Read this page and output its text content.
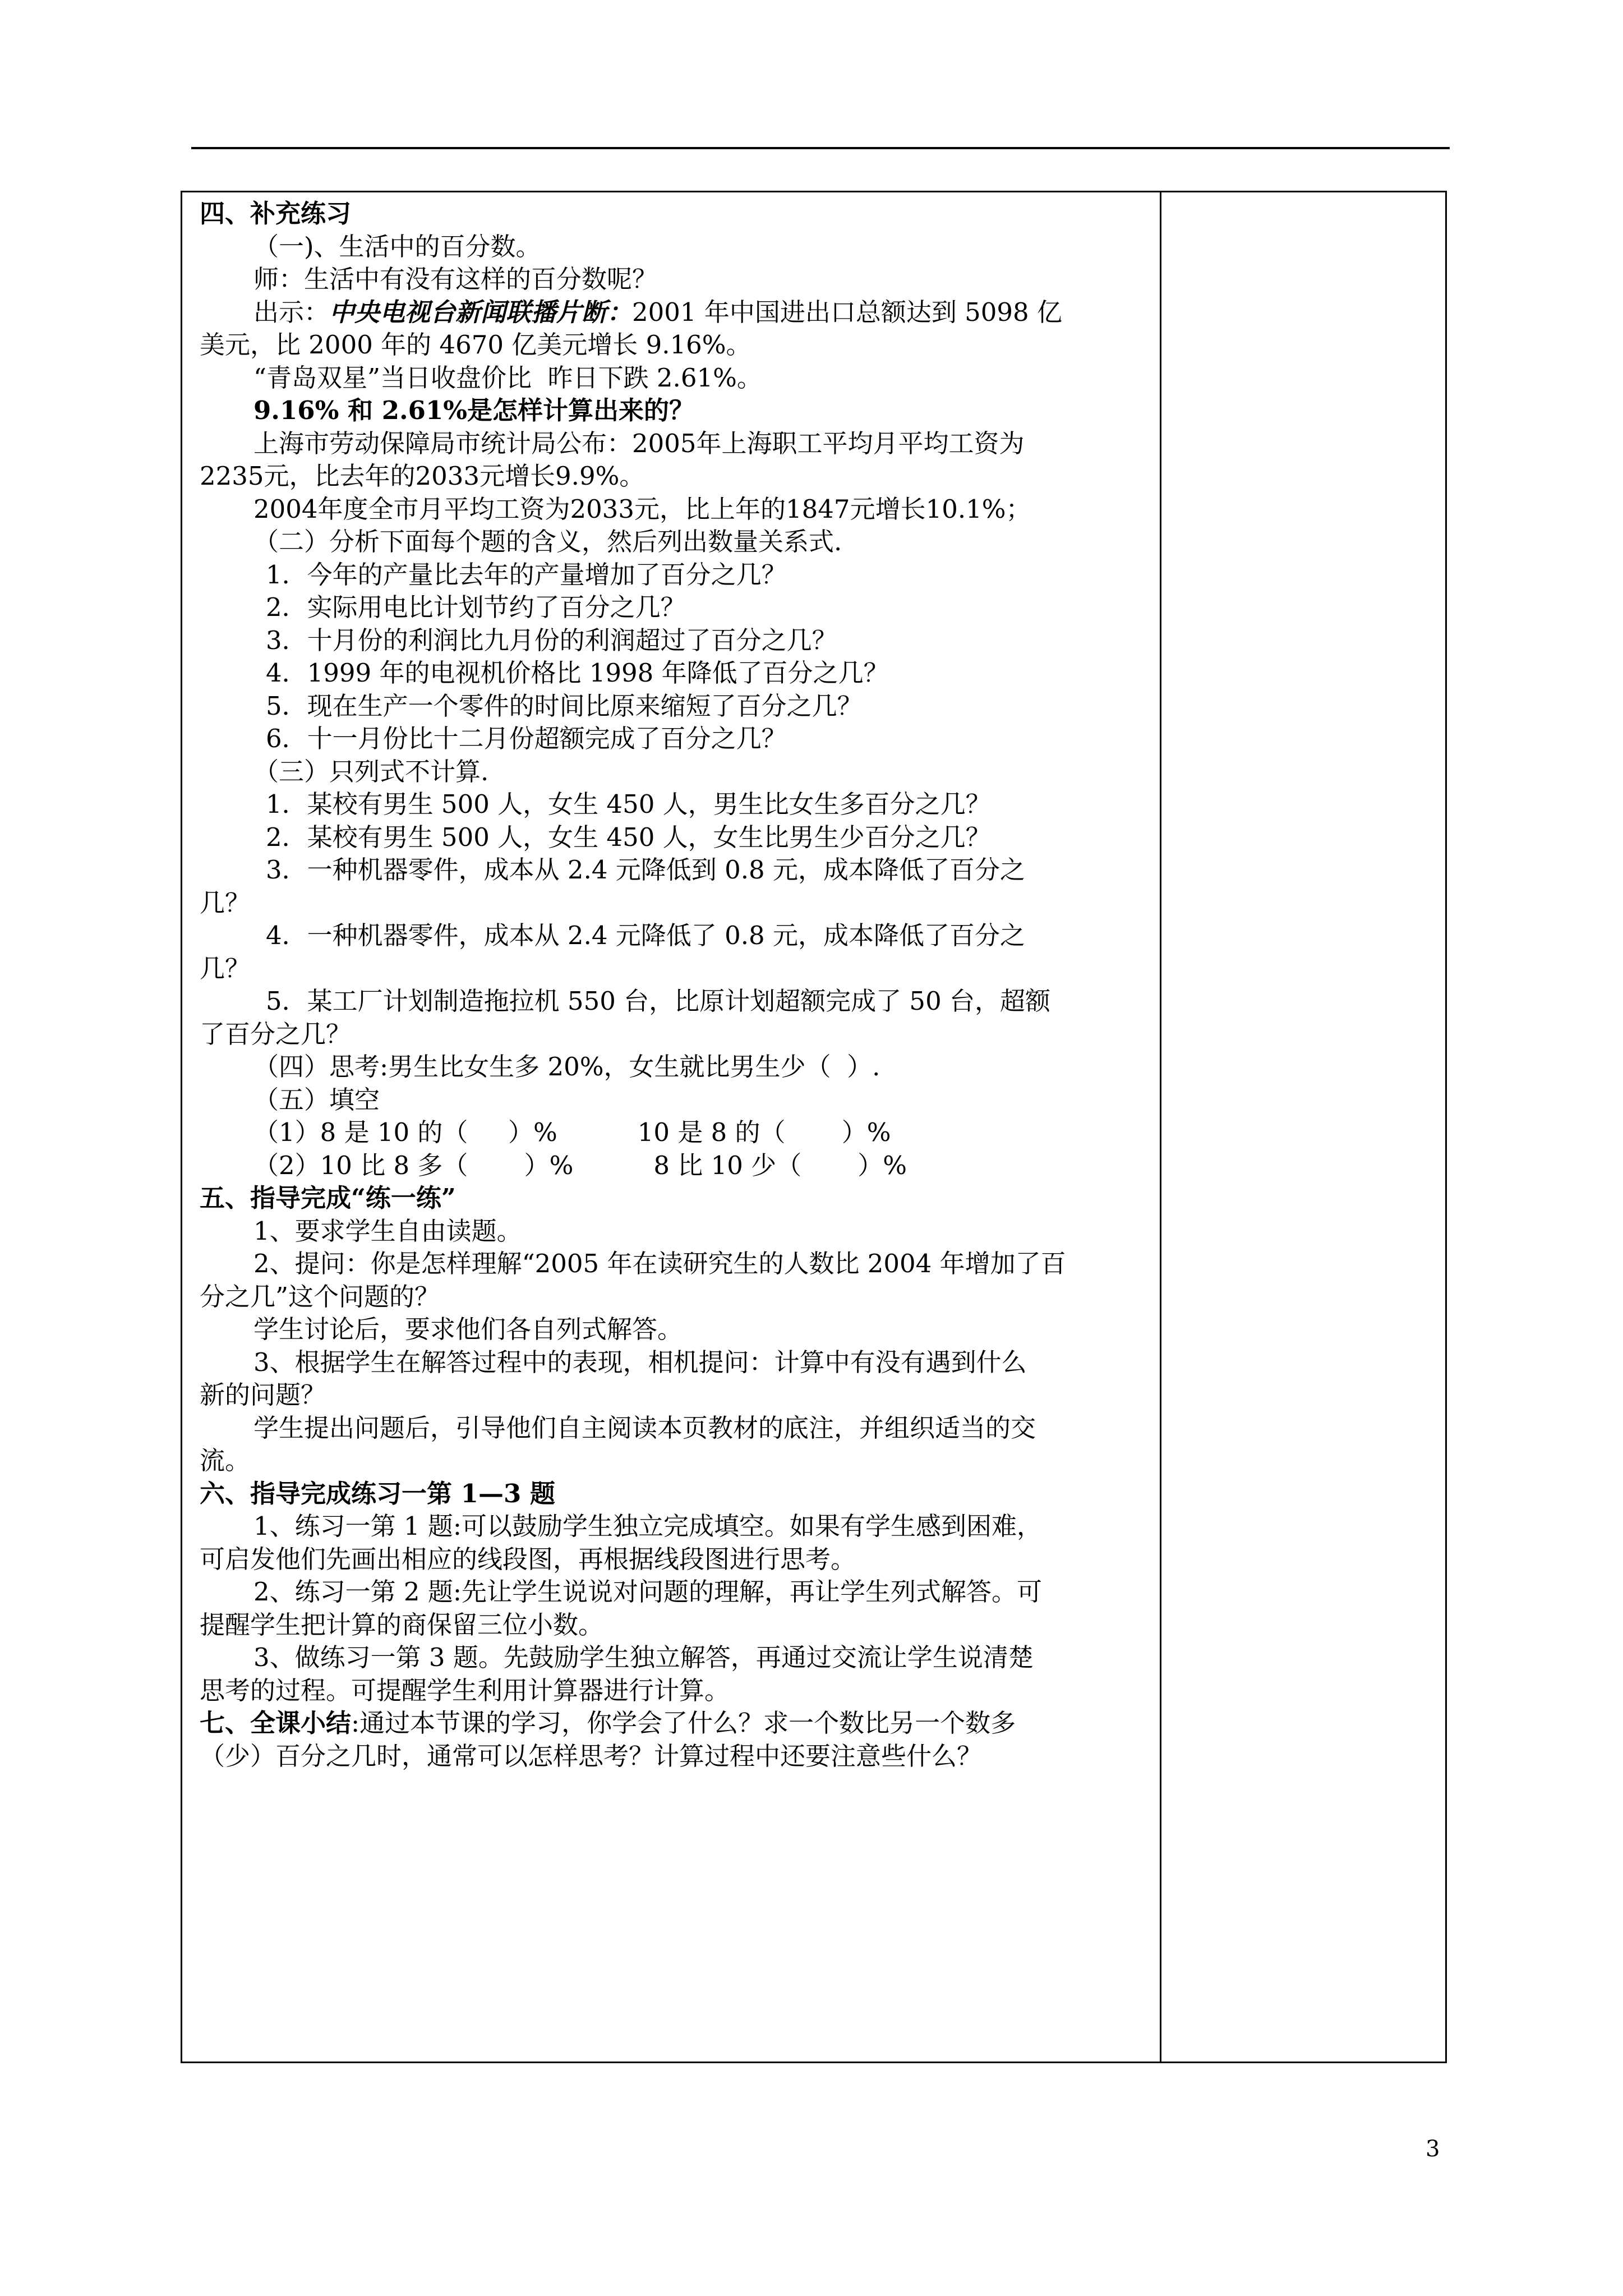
四、补充练习
（一)、生活中的百分数。
师：生活中有没有这样的百分数呢？
出示：中央电视台新闻联播片断：2001 年中国进出口总额达到 5098 亿
美元，比 2000 年的 4670 亿美元增长 9.16%。
“青岛双星”当日收盘价比  昨日下跌 2.61%。
9.16% 和 2.61%是怎样计算出来的？
上海市劳动保障局市统计局公布：2005年上海职工平均月平均工资为
2235元，比去年的2033元增长9.9%。
2004年度全市月平均工资为2033元，比上年的1847元增长10.1%；
（二）分析下面每个题的含义，然后列出数量关系式.
1．今年的产量比去年的产量增加了百分之几？
2．实际用电比计划节约了百分之几？
3．十月份的利润比九月份的利润超过了百分之几？
4．1999 年的电视机价格比 1998 年降低了百分之几？
5．现在生产一个零件的时间比原来缩短了百分之几？
6．十一月份比十二月份超额完成了百分之几？
（三）只列式不计算.
1．某校有男生 500 人，女生 450 人，男生比女生多百分之几？
2．某校有男生 500 人，女生 450 人，女生比男生少百分之几？
3．一种机器零件，成本从 2.4 元降低到 0.8 元，成本降低了百分之
几？
4．一种机器零件，成本从 2.4 元降低了 0.8 元，成本降低了百分之
几？
5．某工厂计划制造拖拉机 550 台，比原计划超额完成了 50 台，超额
了百分之几？
（四）思考:男生比女生多 20%，女生就比男生少（  ）.
（五）填空
（1）8 是 10 的（     ）%          10 是 8 的（       ）%
（2）10 比 8 多（       ）%          8 比 10 少（       ）%
五、指导完成“练一练”
1、要求学生自由读题。
2、提问：你是怎样理解“2005 年在读研究生的人数比 2004 年增加了百
分之几”这个问题的？
学生讨论后，要求他们各自列式解答。
3、根据学生在解答过程中的表现，相机提问：计算中有没有遇到什么
新的问题？
学生提出问题后，引导他们自主阅读本页教材的底注，并组织适当的交
流。
六、指导完成练习一第 1—3 题
1、练习一第 1 题:可以鼓励学生独立完成填空。如果有学生感到困难，
可启发他们先画出相应的线段图，再根据线段图进行思考。
2、练习一第 2 题:先让学生说说对问题的理解，再让学生列式解答。可
提醒学生把计算的商保留三位小数。
3、做练习一第 3 题。先鼓励学生独立解答，再通过交流让学生说清楚
思考的过程。可提醒学生利用计算器进行计算。
七、全课小结:通过本节课的学习，你学会了什么？求一个数比另一个数多
（少）百分之几时，通常可以怎样思考？计算过程中还要注意些什么？
3
